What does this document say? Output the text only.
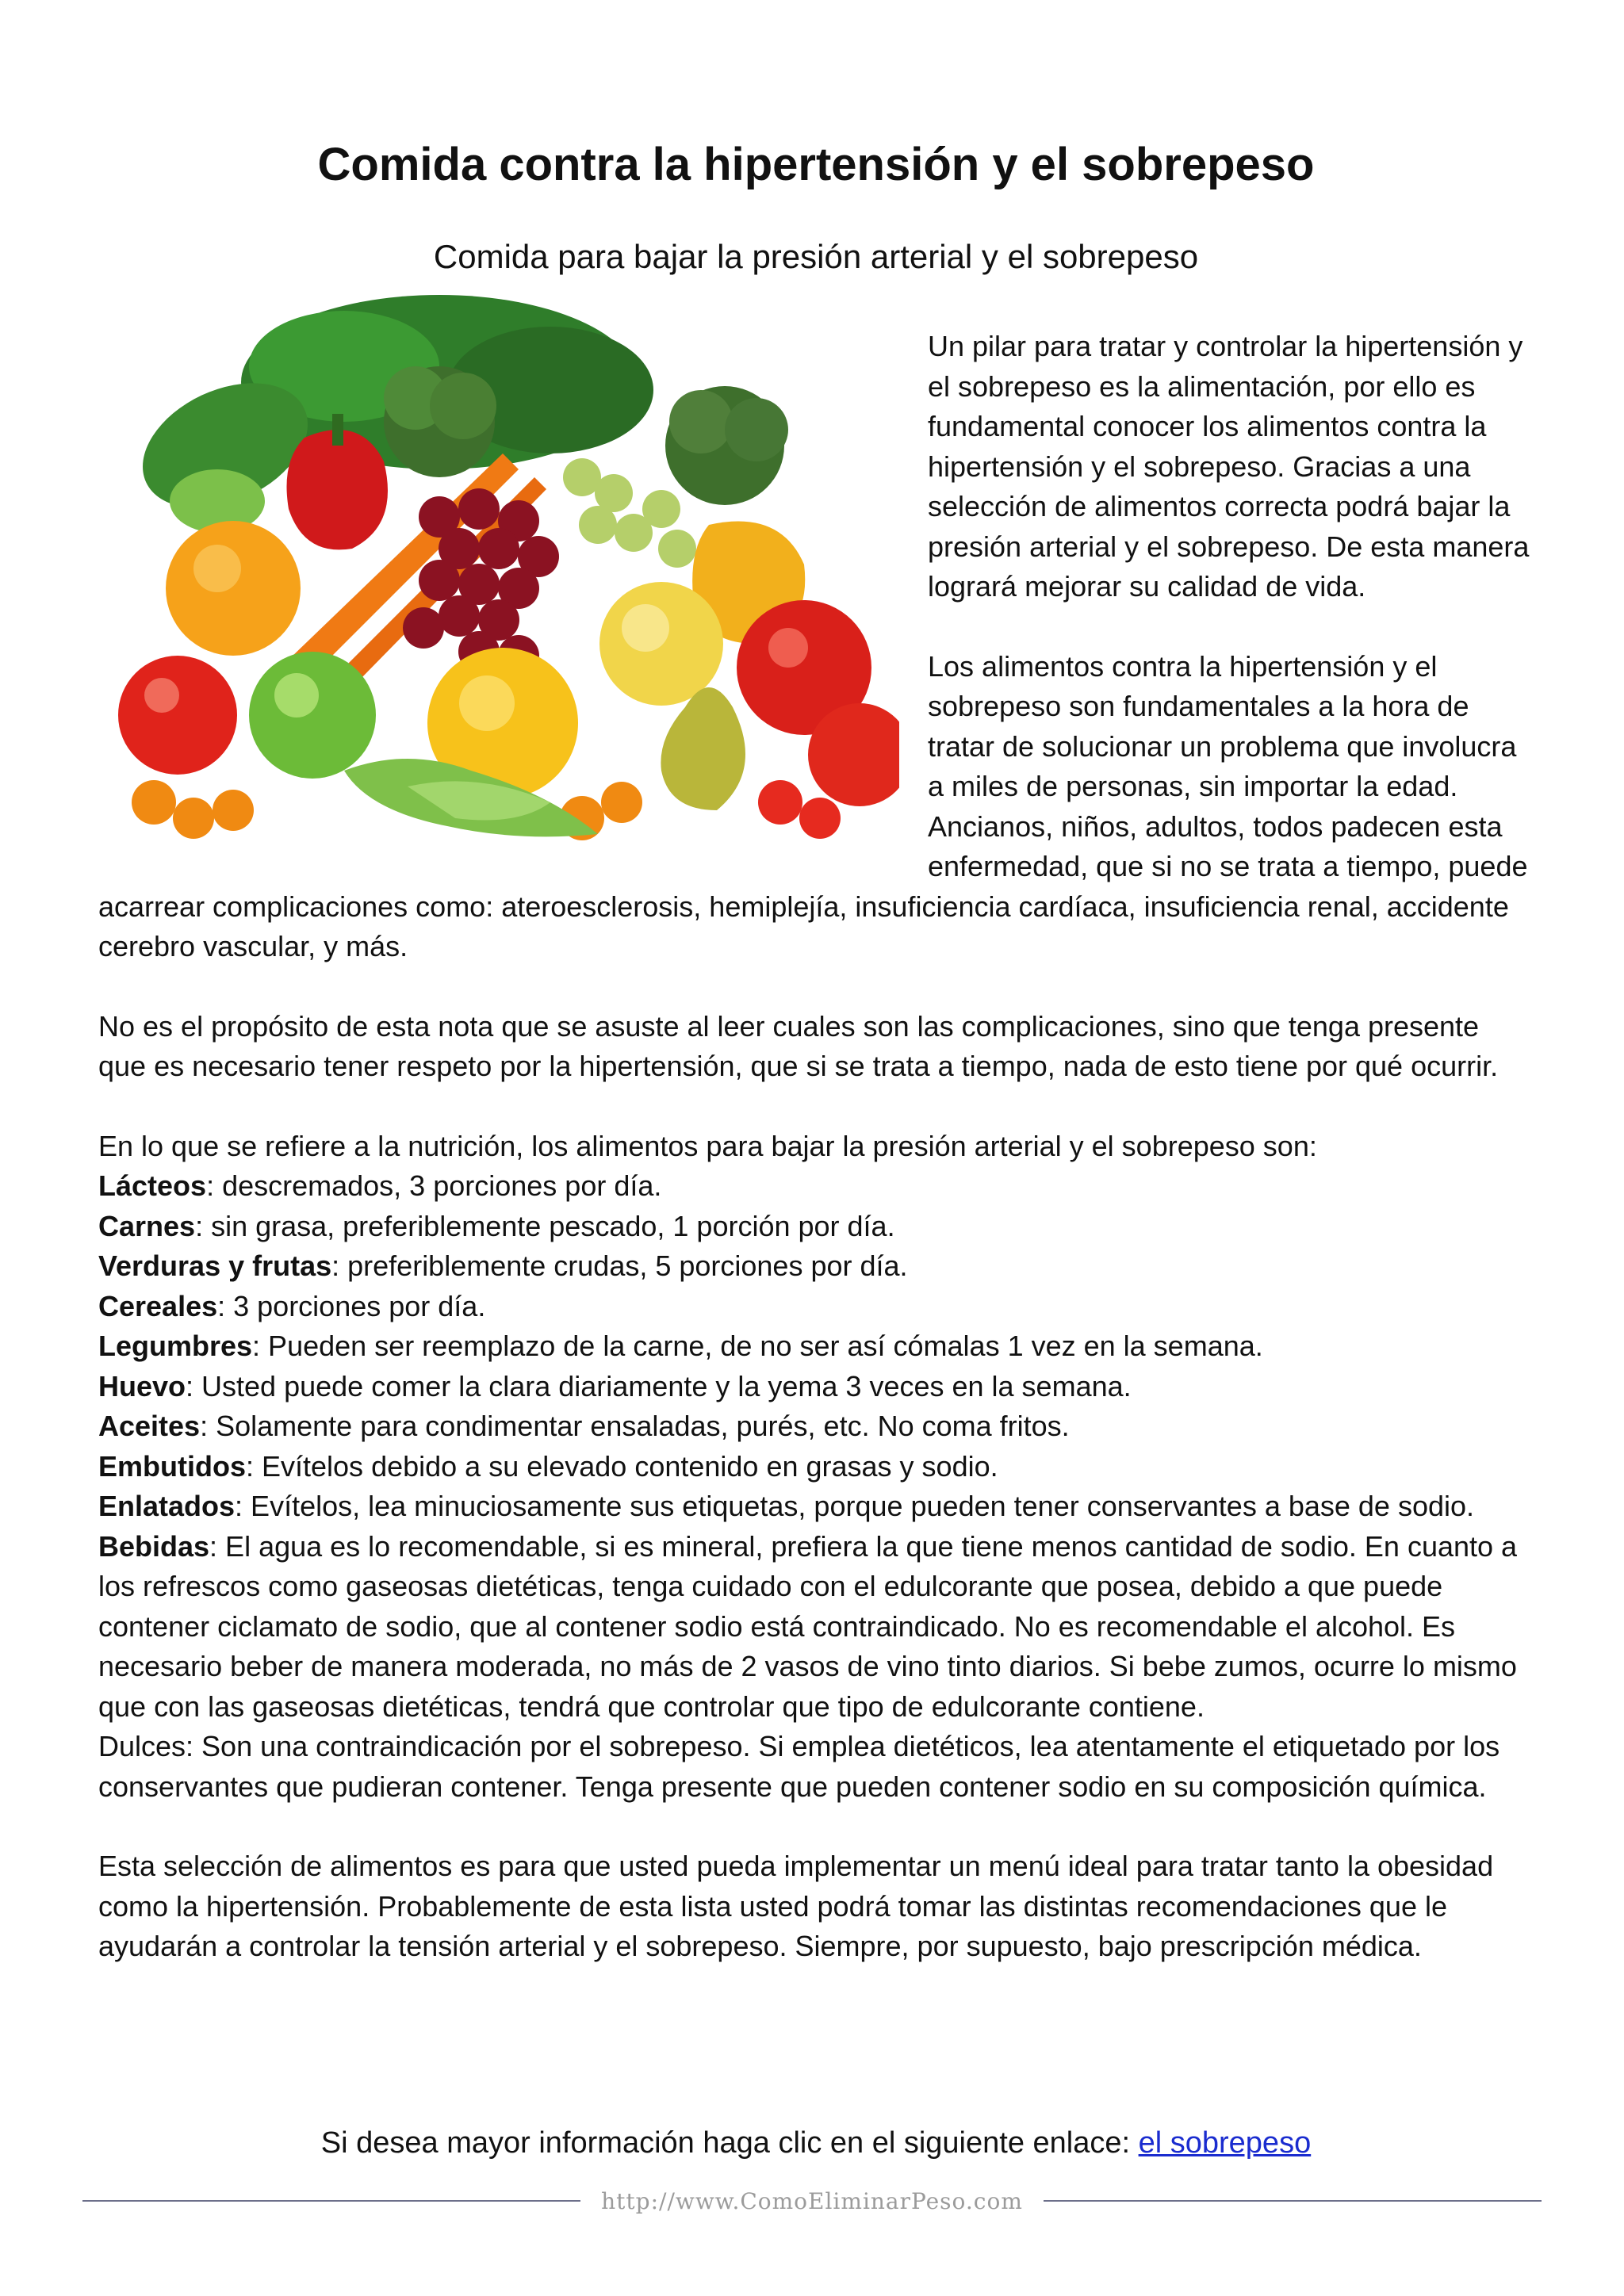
Comida contra la hipertensión y el sobrepeso

Comida para bajar la presión arterial y el sobrepeso

Un pilar para tratar y controlar la hipertensión y el sobrepeso es la alimentación, por ello es fundamental conocer los alimentos contra la hipertensión y el sobrepeso. Gracias a una selección de alimentos correcta podrá bajar la presión arterial y el sobrepeso. De esta manera logrará mejorar su calidad de vida.

Los alimentos contra la hipertensión y el sobrepeso son fundamentales a la hora de tratar de solucionar un problema que involucra a miles de personas, sin importar la edad. Ancianos, niños, adultos, todos padecen esta enfermedad, que si no se trata a tiempo, puede acarrear complicaciones como: ateroesclerosis, hemiplejía, insuficiencia cardíaca, insuficiencia renal, accidente cerebro vascular, y más.

No es el propósito de esta nota que se asuste al leer cuales son las complicaciones, sino que tenga presente que es necesario tener respeto por la hipertensión, que si se trata a tiempo, nada de esto tiene por qué ocurrir.

En lo que se refiere a la nutrición, los alimentos para bajar la presión arterial y el sobrepeso son:

Lácteos: descremados, 3 porciones por día.

Carnes: sin grasa, preferiblemente pescado, 1 porción por día.

Verduras y frutas: preferiblemente crudas, 5 porciones por día.

Cereales: 3 porciones por día.

Legumbres: Pueden ser reemplazo de la carne, de no ser así cómalas 1 vez en la semana.

Huevo: Usted puede comer la clara diariamente y la yema 3 veces en la semana.

Aceites: Solamente para condimentar ensaladas, purés, etc. No coma fritos.

Embutidos: Evítelos debido a su elevado contenido en grasas y sodio.

Enlatados: Evítelos, lea minuciosamente sus etiquetas, porque pueden tener conservantes a base de sodio.

Bebidas: El agua es lo recomendable, si es mineral, prefiera la que tiene menos cantidad de sodio. En cuanto a los refrescos como gaseosas dietéticas, tenga cuidado con el edulcorante que posea, debido a que puede contener ciclamato de sodio, que al contener sodio está contraindicado. No es recomendable el alcohol. Es necesario beber de manera moderada, no más de 2 vasos de vino tinto diarios. Si bebe zumos, ocurre lo mismo que con las gaseosas dietéticas, tendrá que controlar que tipo de edulcorante contiene.

Dulces: Son una contraindicación por el sobrepeso. Si emplea dietéticos, lea atentamente el etiquetado por los conservantes que pudieran contener. Tenga presente que pueden contener sodio en su composición química.

Esta selección de alimentos es para que usted pueda implementar un menú ideal para tratar tanto la obesidad como la hipertensión. Probablemente de esta lista usted podrá tomar las distintas recomendaciones que le ayudarán a controlar la tensión arterial y el sobrepeso. Siempre, por supuesto, bajo prescripción médica.

Si desea mayor información haga clic en el siguiente enlace: el sobrepeso
http://www.ComoEliminarPeso.com
